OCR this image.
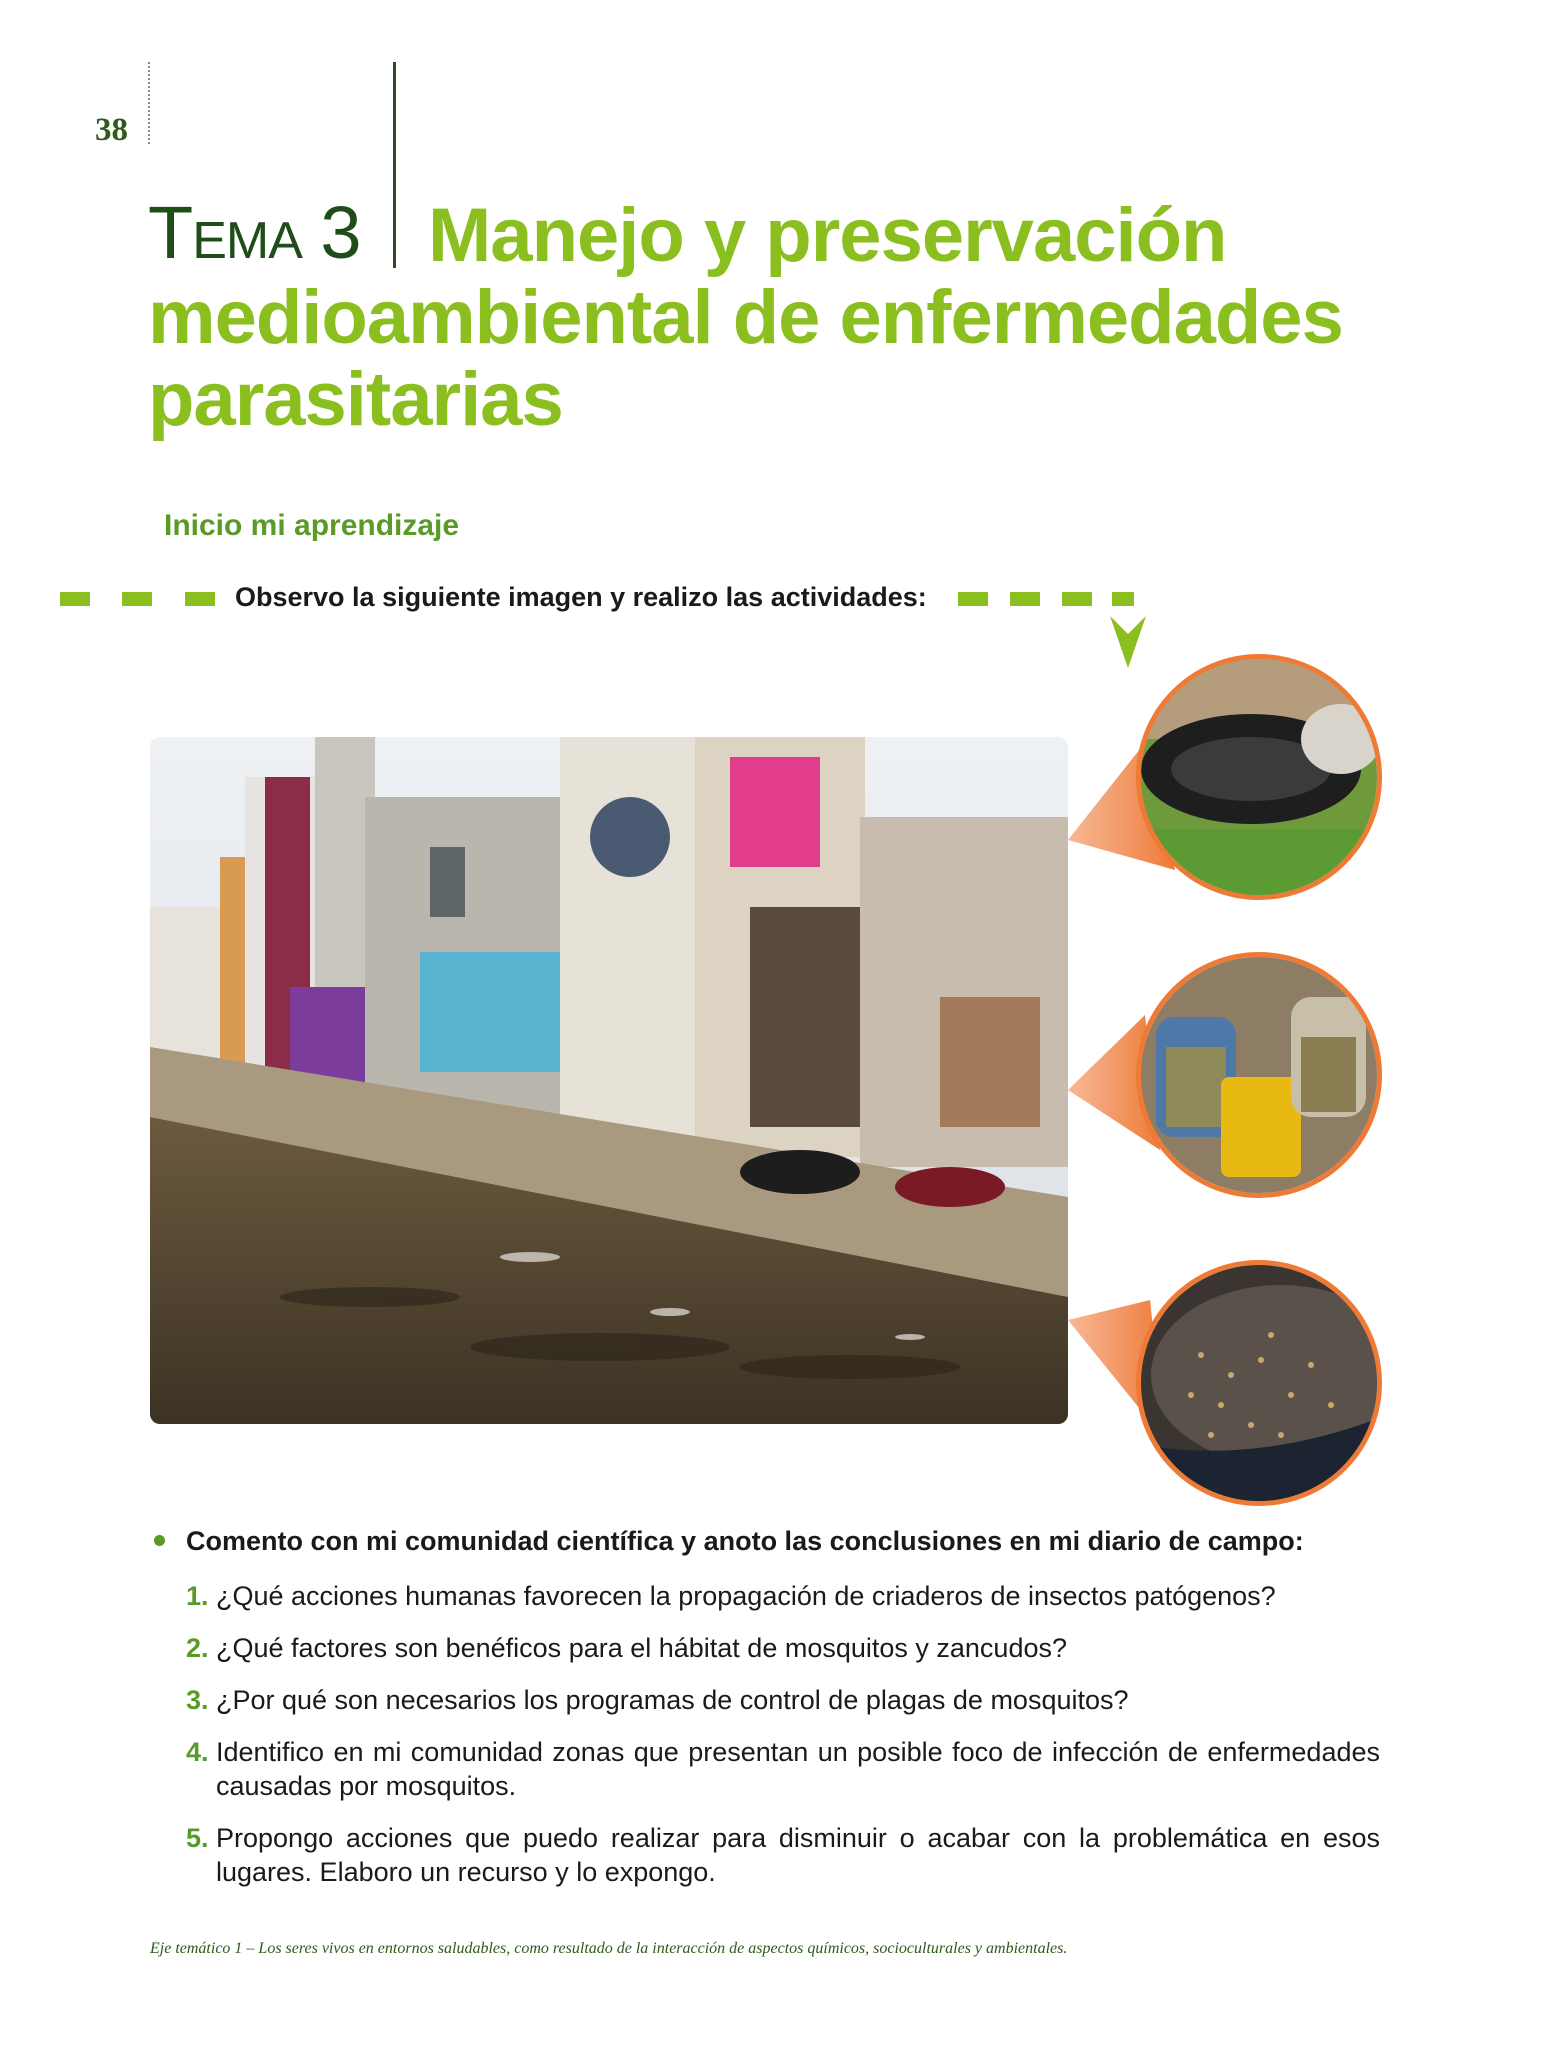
38
TEMA 3 Manejo y preservación
medioambiental de enfermedades
parasitarias
Inicio mi aprendizaje
Observo la siguiente imagen y realizo las actividades:

Comento con mi comunidad científica y anoto las conclusiones en mi diario de campo:

1. ¿Qué acciones humanas favorecen la propagación de criaderos de insectos patógenos?
2. ¿Qué factores son benéficos para el hábitat de mosquitos y zancudos?
3. ¿Por qué son necesarios los programas de control de plagas de mosquitos?
4. Identifico en mi comunidad zonas que presentan un posible foco de infección de enfermedades causadas por mosquitos.
5. Propongo acciones que puedo realizar para disminuir o acabar con la problemática en esos lugares. Elaboro un recurso y lo expongo.
Eje temático 1 – Los seres vivos en entornos saludables, como resultado de la interacción de aspectos químicos, socioculturales y ambientales.
